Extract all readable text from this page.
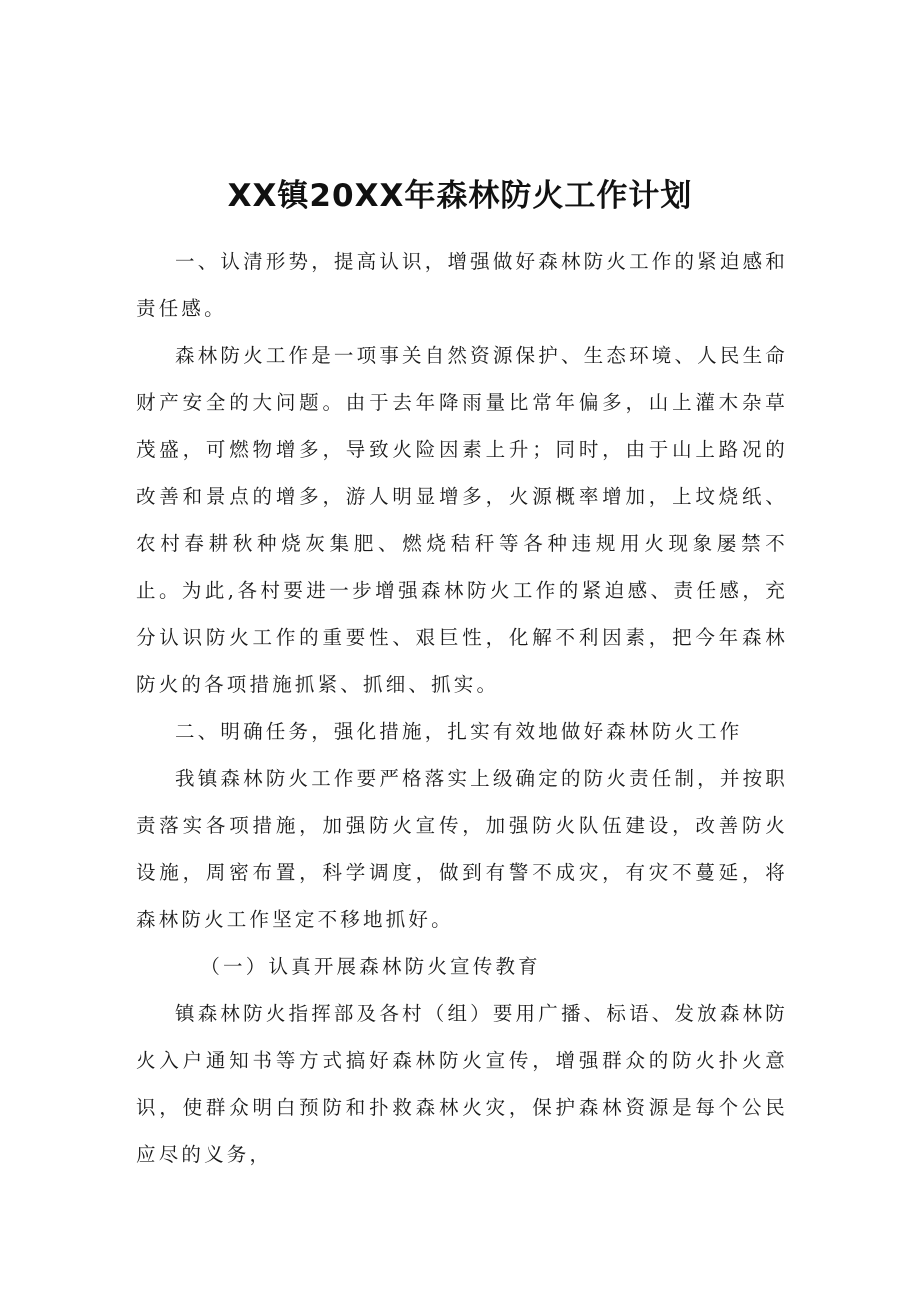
XX镇20XX年森林防火工作计划

一、认清形势，提高认识，增强做好森林防火工作的紧迫感和责任感。

森林防火工作是一项事关自然资源保护、生态环境、人民生命财产安全的大问题。由于去年降雨量比常年偏多，山上灌木杂草茂盛，可燃物增多，导致火险因素上升；同时，由于山上路况的改善和景点的增多，游人明显增多，火源概率增加，上坟烧纸、农村春耕秋种烧灰集肥、燃烧秸秆等各种违规用火现象屡禁不止。为此,各村要进一步增强森林防火工作的紧迫感、责任感，充分认识防火工作的重要性、艰巨性，化解不利因素，把今年森林防火的各项措施抓紧、抓细、抓实。

二、明确任务，强化措施，扎实有效地做好森林防火工作

我镇森林防火工作要严格落实上级确定的防火责任制，并按职责落实各项措施，加强防火宣传，加强防火队伍建设，改善防火设施，周密布置，科学调度，做到有警不成灾，有灾不蔓延，将森林防火工作坚定不移地抓好。

（一）认真开展森林防火宣传教育

镇森林防火指挥部及各村（组）要用广播、标语、发放森林防火入户通知书等方式搞好森林防火宣传，增强群众的防火扑火意识，使群众明白预防和扑救森林火灾，保护森林资源是每个公民应尽的义务，
